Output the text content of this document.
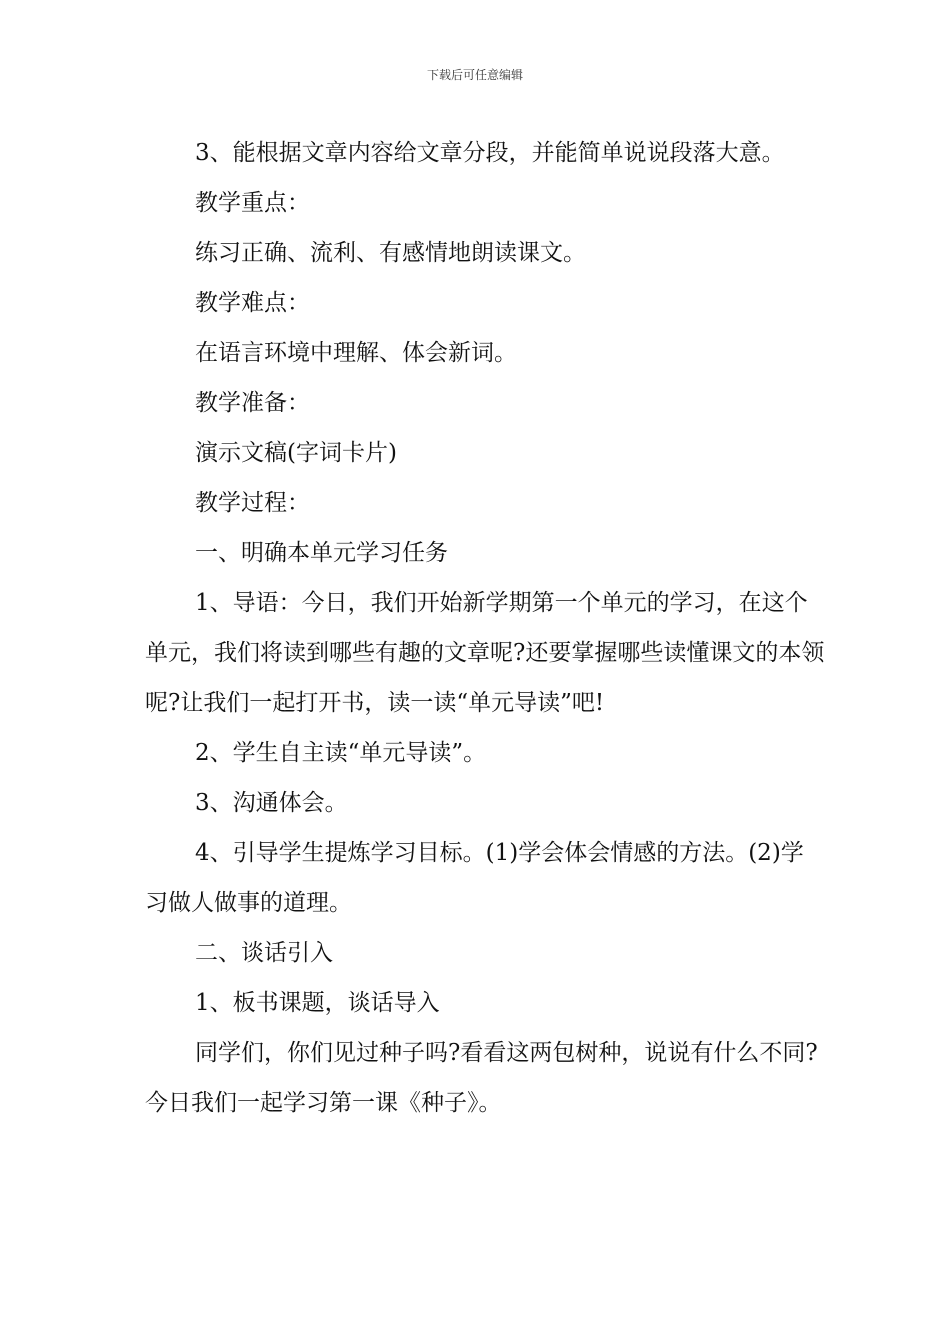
下载后可任意编辑

3、能根据文章内容给文章分段，并能简单说说段落大意。

教学重点：

练习正确、流利、有感情地朗读课文。

教学难点：

在语言环境中理解、体会新词。

教学准备：

演示文稿(字词卡片)

教学过程：

一、明确本单元学习任务

1、导语：今日，我们开始新学期第一个单元的学习，在这个单元，我们将读到哪些有趣的文章呢?还要掌握哪些读懂课文的本领呢?让我们一起打开书，读一读“单元导读”吧!

2、学生自主读“单元导读”。

3、沟通体会。

4、引导学生提炼学习目标。(1)学会体会情感的方法。(2)学习做人做事的道理。

二、谈话引入

1、板书课题，谈话导入

同学们，你们见过种子吗?看看这两包树种，说说有什么不同?今日我们一起学习第一课《种子》。
